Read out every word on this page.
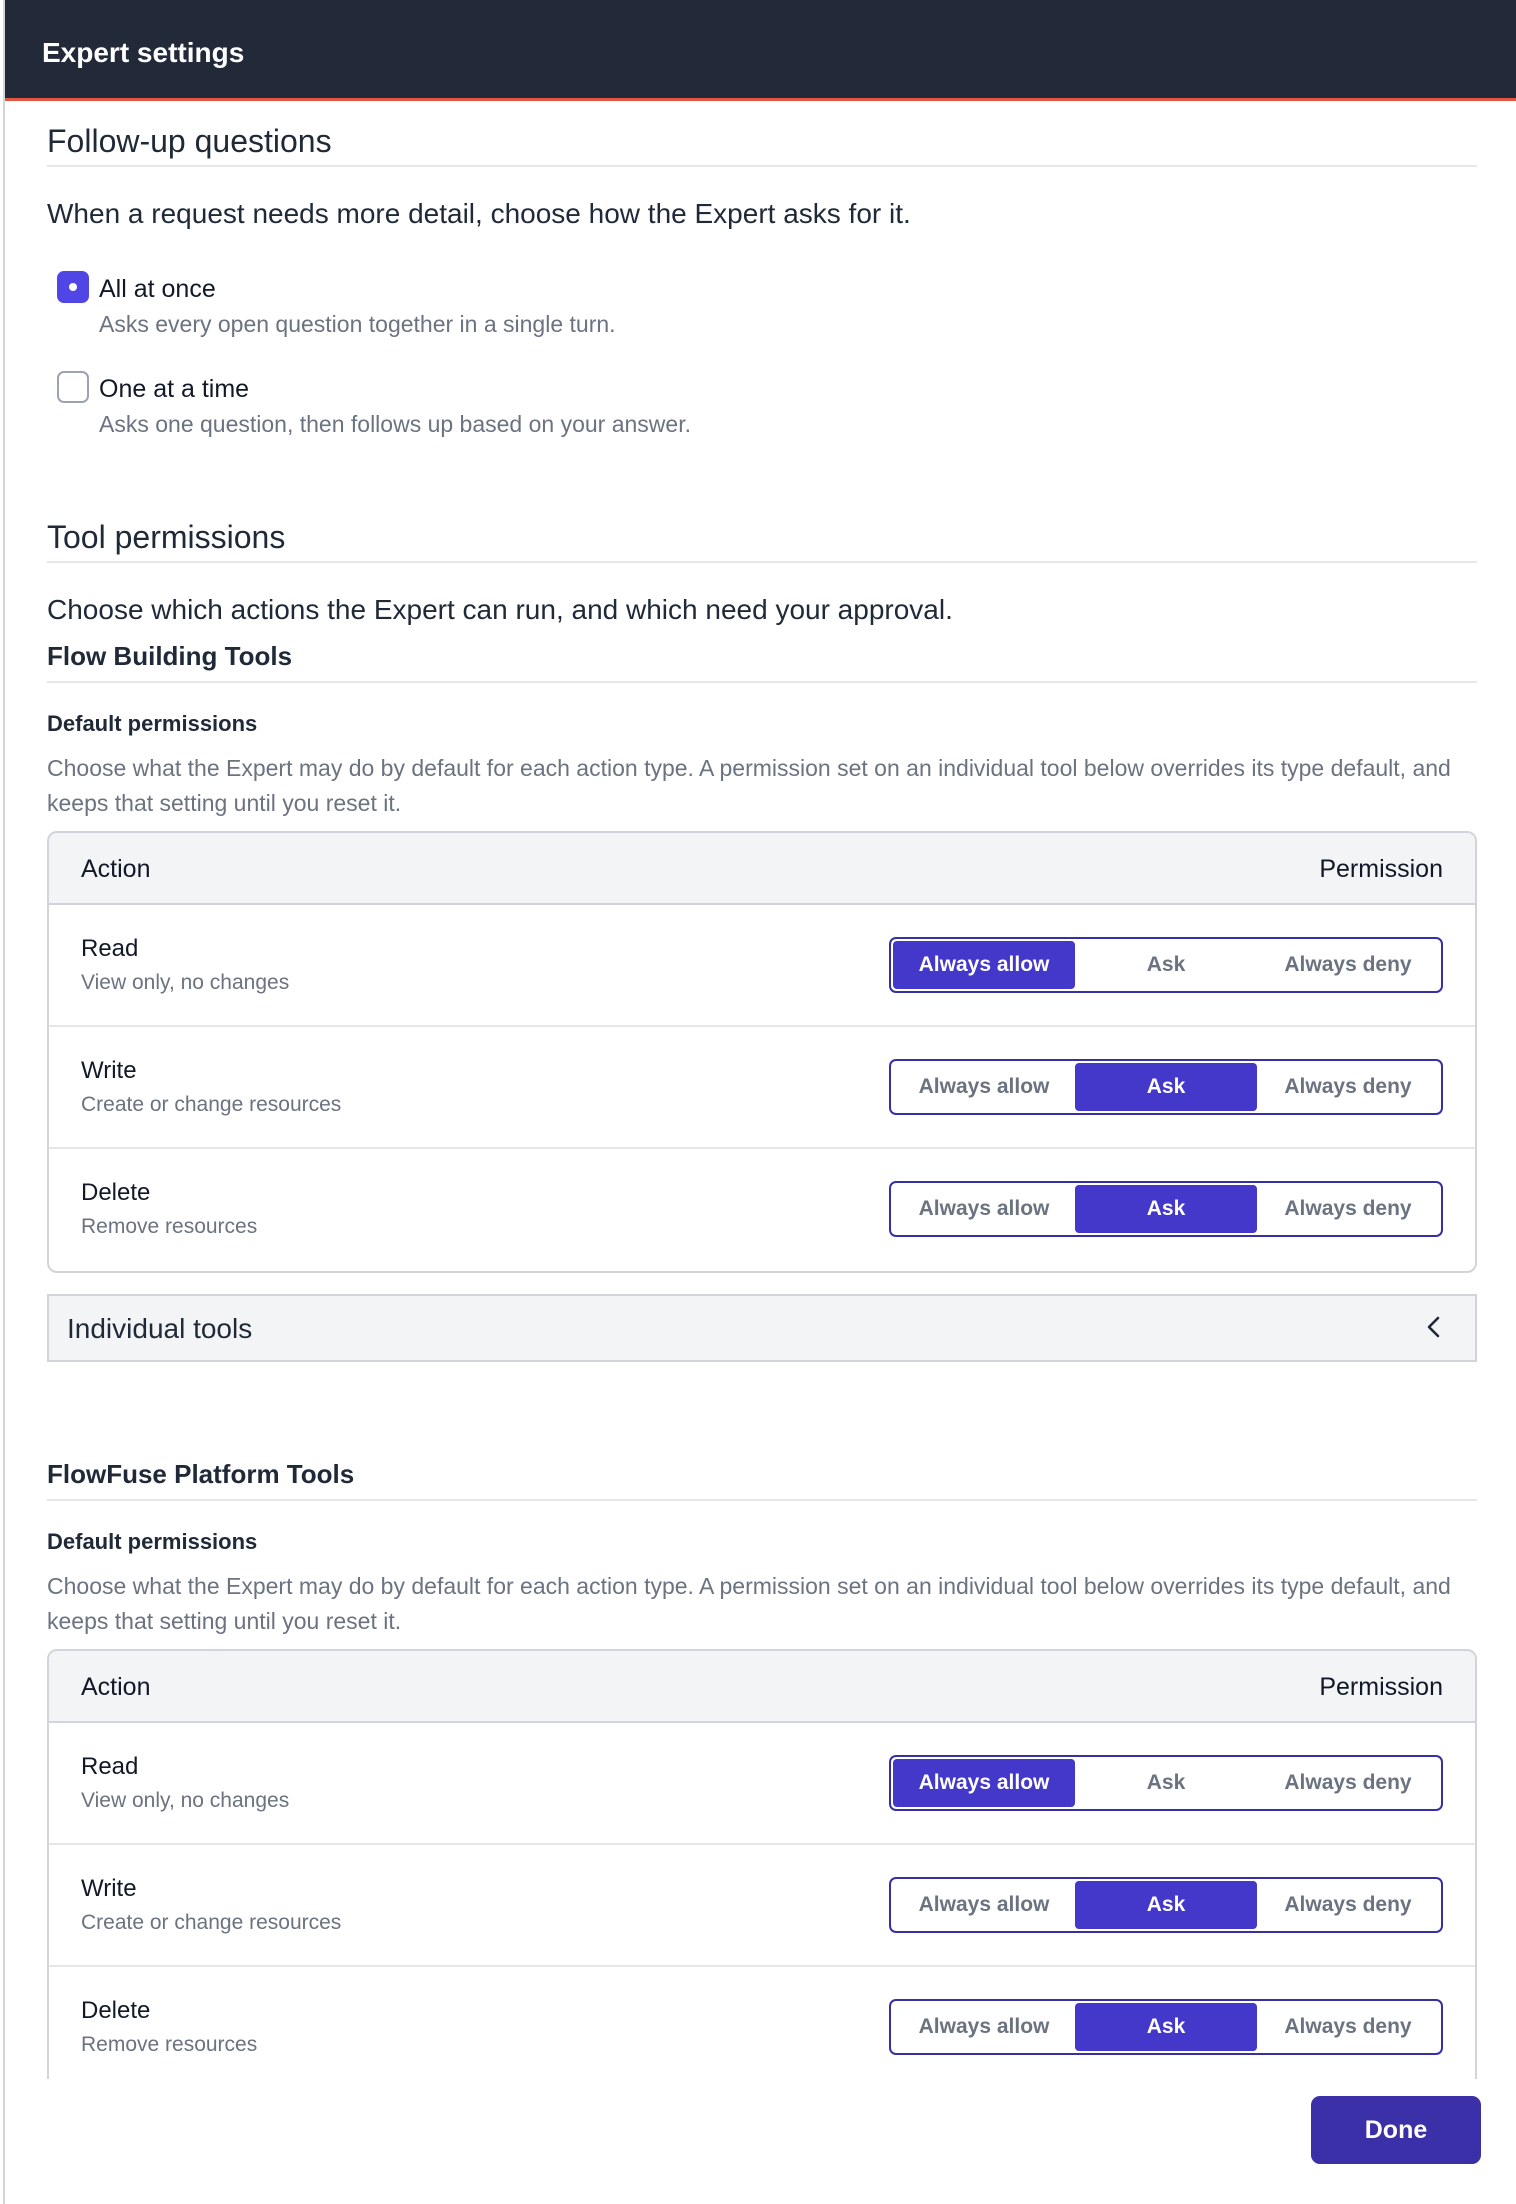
Expert settings
Follow-up questions
When a request needs more detail, choose how the Expert asks for it.
All at once
Asks every open question together in a single turn.
One at a time
Asks one question, then follows up based on your answer.
Tool permissions
Choose which actions the Expert can run, and which need your approval.
Flow Building Tools
Default permissions
Choose what the Expert may do by default for each action type. A permission set on an individual tool below overrides its type default, and keeps that setting until you reset it.
Action	Permission
Read
View only, no changes
Always allow	Ask	Always deny
Write
Create or change resources
Always allow	Ask	Always deny
Delete
Remove resources
Always allow	Ask	Always deny
Individual tools
FlowFuse Platform Tools
Default permissions
Choose what the Expert may do by default for each action type. A permission set on an individual tool below overrides its type default, and keeps that setting until you reset it.
Action	Permission
Read
View only, no changes
Always allow	Ask	Always deny
Write
Create or change resources
Always allow	Ask	Always deny
Delete
Remove resources
Always allow	Ask	Always deny
Done
